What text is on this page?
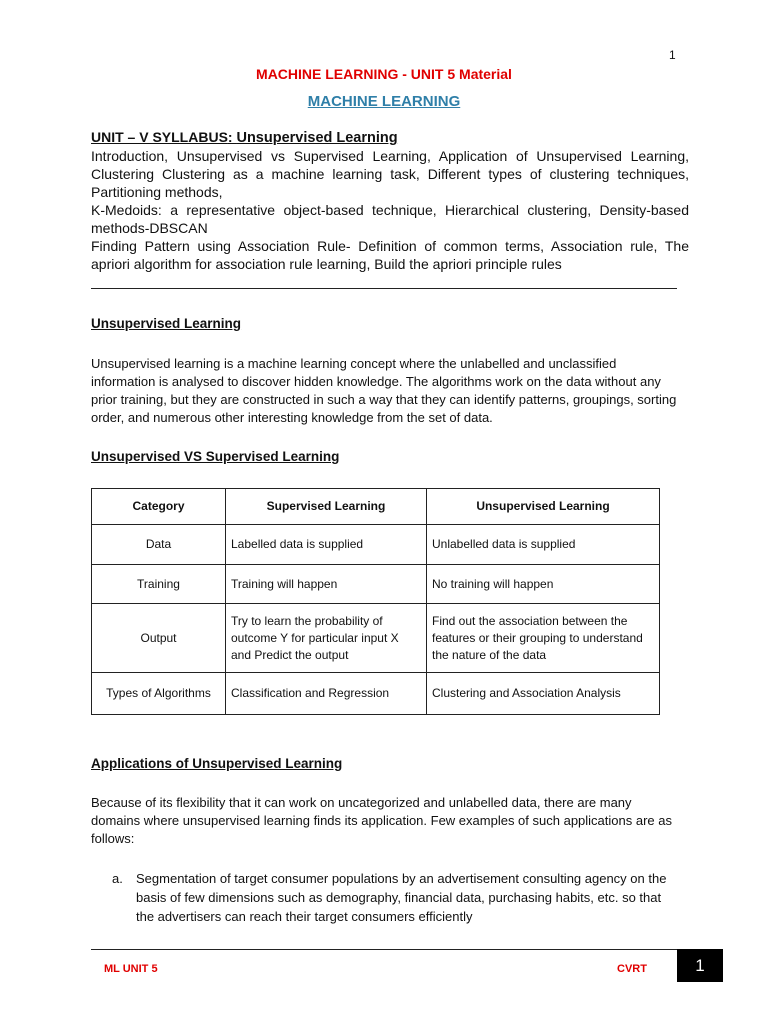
1
MACHINE LEARNING - UNIT 5 Material
MACHINE LEARNING

UNIT – V SYLLABUS: Unsupervised Learning

Introduction, Unsupervised vs Supervised Learning, Application of Unsupervised Learning, Clustering Clustering as a machine learning task, Different types of clustering techniques, Partitioning methods,

K-Medoids: a representative object-based technique, Hierarchical clustering, Density-based methods-DBSCAN

Finding Pattern using Association Rule- Definition of common terms, Association rule, The apriori algorithm for association rule learning, Build the apriori principle rules

Unsupervised Learning

Unsupervised learning is a machine learning concept where the unlabelled and unclassified information is analysed to discover hidden knowledge. The algorithms work on the data without any prior training, but they are constructed in such a way that they can identify patterns, groupings, sorting order, and numerous other interesting knowledge from the set of data.

Unsupervised VS Supervised Learning
Category	Supervised Learning	Unsupervised Learning
Data	Labelled data is supplied	Unlabelled data is supplied
Training	Training will happen	No training will happen
Output	Try to learn the probability of outcome Y for particular input X and Predict the output	Find out the association between the features or their grouping to understand the nature of the data
Types of Algorithms	Classification and Regression	Clustering and Association Analysis
Applications of Unsupervised Learning

Because of its flexibility that it can work on uncategorized and unlabelled data, there are many domains where unsupervised learning finds its application. Few examples of such applications are as follows:

a. Segmentation of target consumer populations by an advertisement consulting agency on the basis of few dimensions such as demography, financial data, purchasing habits, etc. so that the advertisers can reach their target consumers efficiently
ML UNIT 5	CVRT	1
